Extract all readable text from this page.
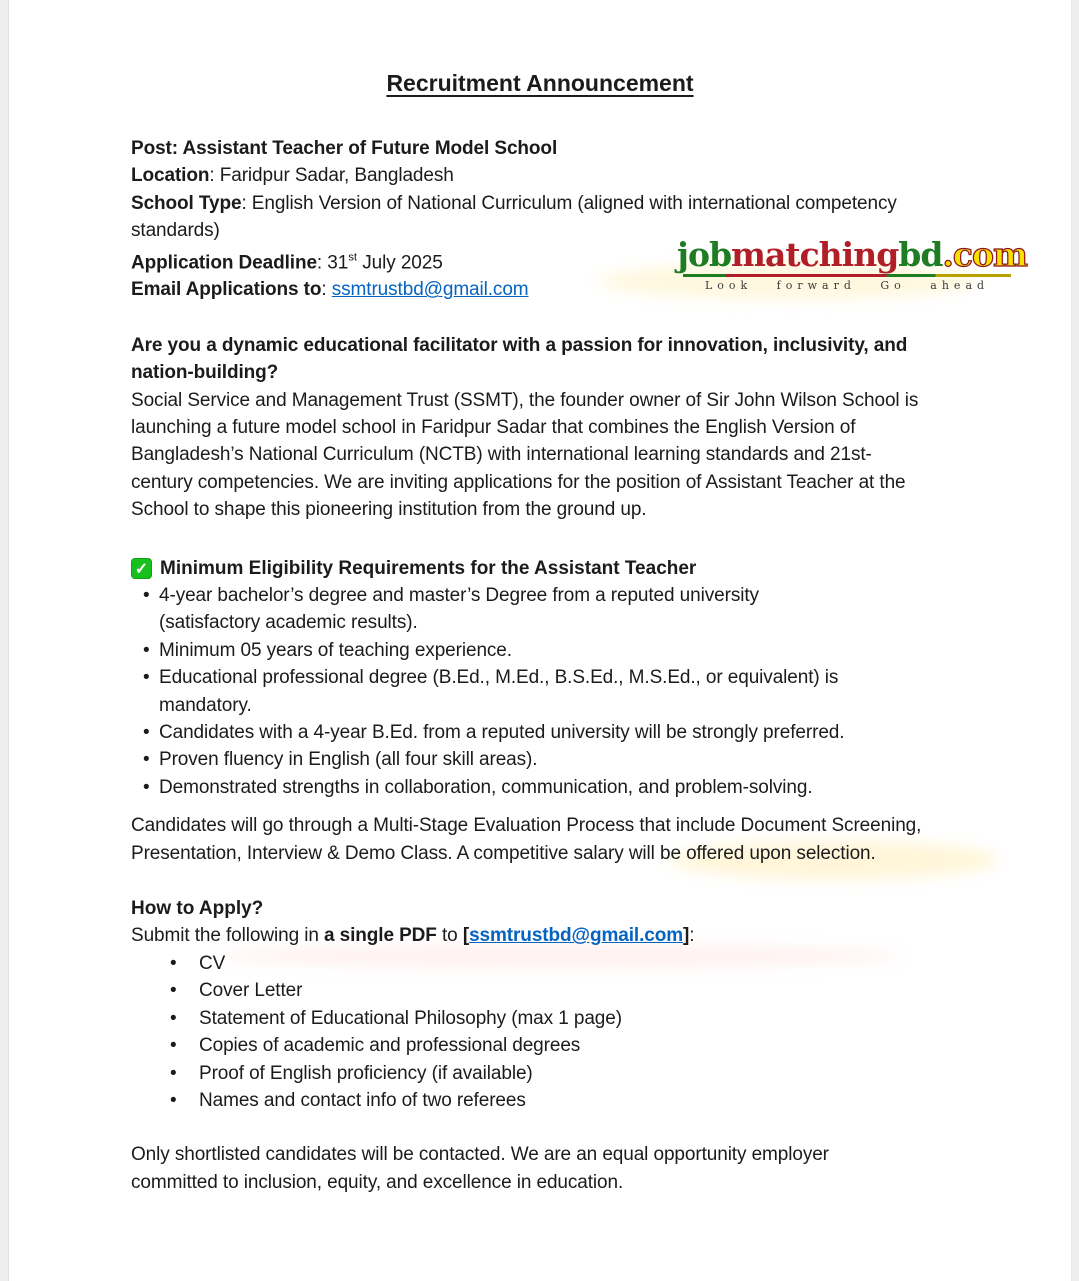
Recruitment Announcement
jobmatchingbd.com
Look forward Go ahead
Post: Assistant Teacher of Future Model School
Location: Faridpur Sadar, Bangladesh
School Type: English Version of National Curriculum (aligned with international competency
standards)
Application Deadline: 31st July 2025
Email Applications to: ssmtrustbd@gmail.com
Are you a dynamic educational facilitator with a passion for innovation, inclusivity, and
nation-building?
Social Service and Management Trust (SSMT), the founder owner of Sir John Wilson School is
launching a future model school in Faridpur Sadar that combines the English Version of
Bangladesh’s National Curriculum (NCTB) with international learning standards and 21st-
century competencies. We are inviting applications for the position of Assistant Teacher at the
School to shape this pioneering institution from the ground up.
✓ Minimum Eligibility Requirements for the Assistant Teacher
• 4-year bachelor’s degree and master’s Degree from a reputed university
(satisfactory academic results).
• Minimum 05 years of teaching experience.
• Educational professional degree (B.Ed., M.Ed., B.S.Ed., M.S.Ed., or equivalent) is
mandatory.
• Candidates with a 4-year B.Ed. from a reputed university will be strongly preferred.
• Proven fluency in English (all four skill areas).
• Demonstrated strengths in collaboration, communication, and problem-solving.
Candidates will go through a Multi-Stage Evaluation Process that include Document Screening,
Presentation, Interview & Demo Class. A competitive salary will be offered upon selection.
How to Apply?
Submit the following in a single PDF to [ssmtrustbd@gmail.com]:
• CV
• Cover Letter
• Statement of Educational Philosophy (max 1 page)
• Copies of academic and professional degrees
• Proof of English proficiency (if available)
• Names and contact info of two referees
Only shortlisted candidates will be contacted. We are an equal opportunity employer
committed to inclusion, equity, and excellence in education.
